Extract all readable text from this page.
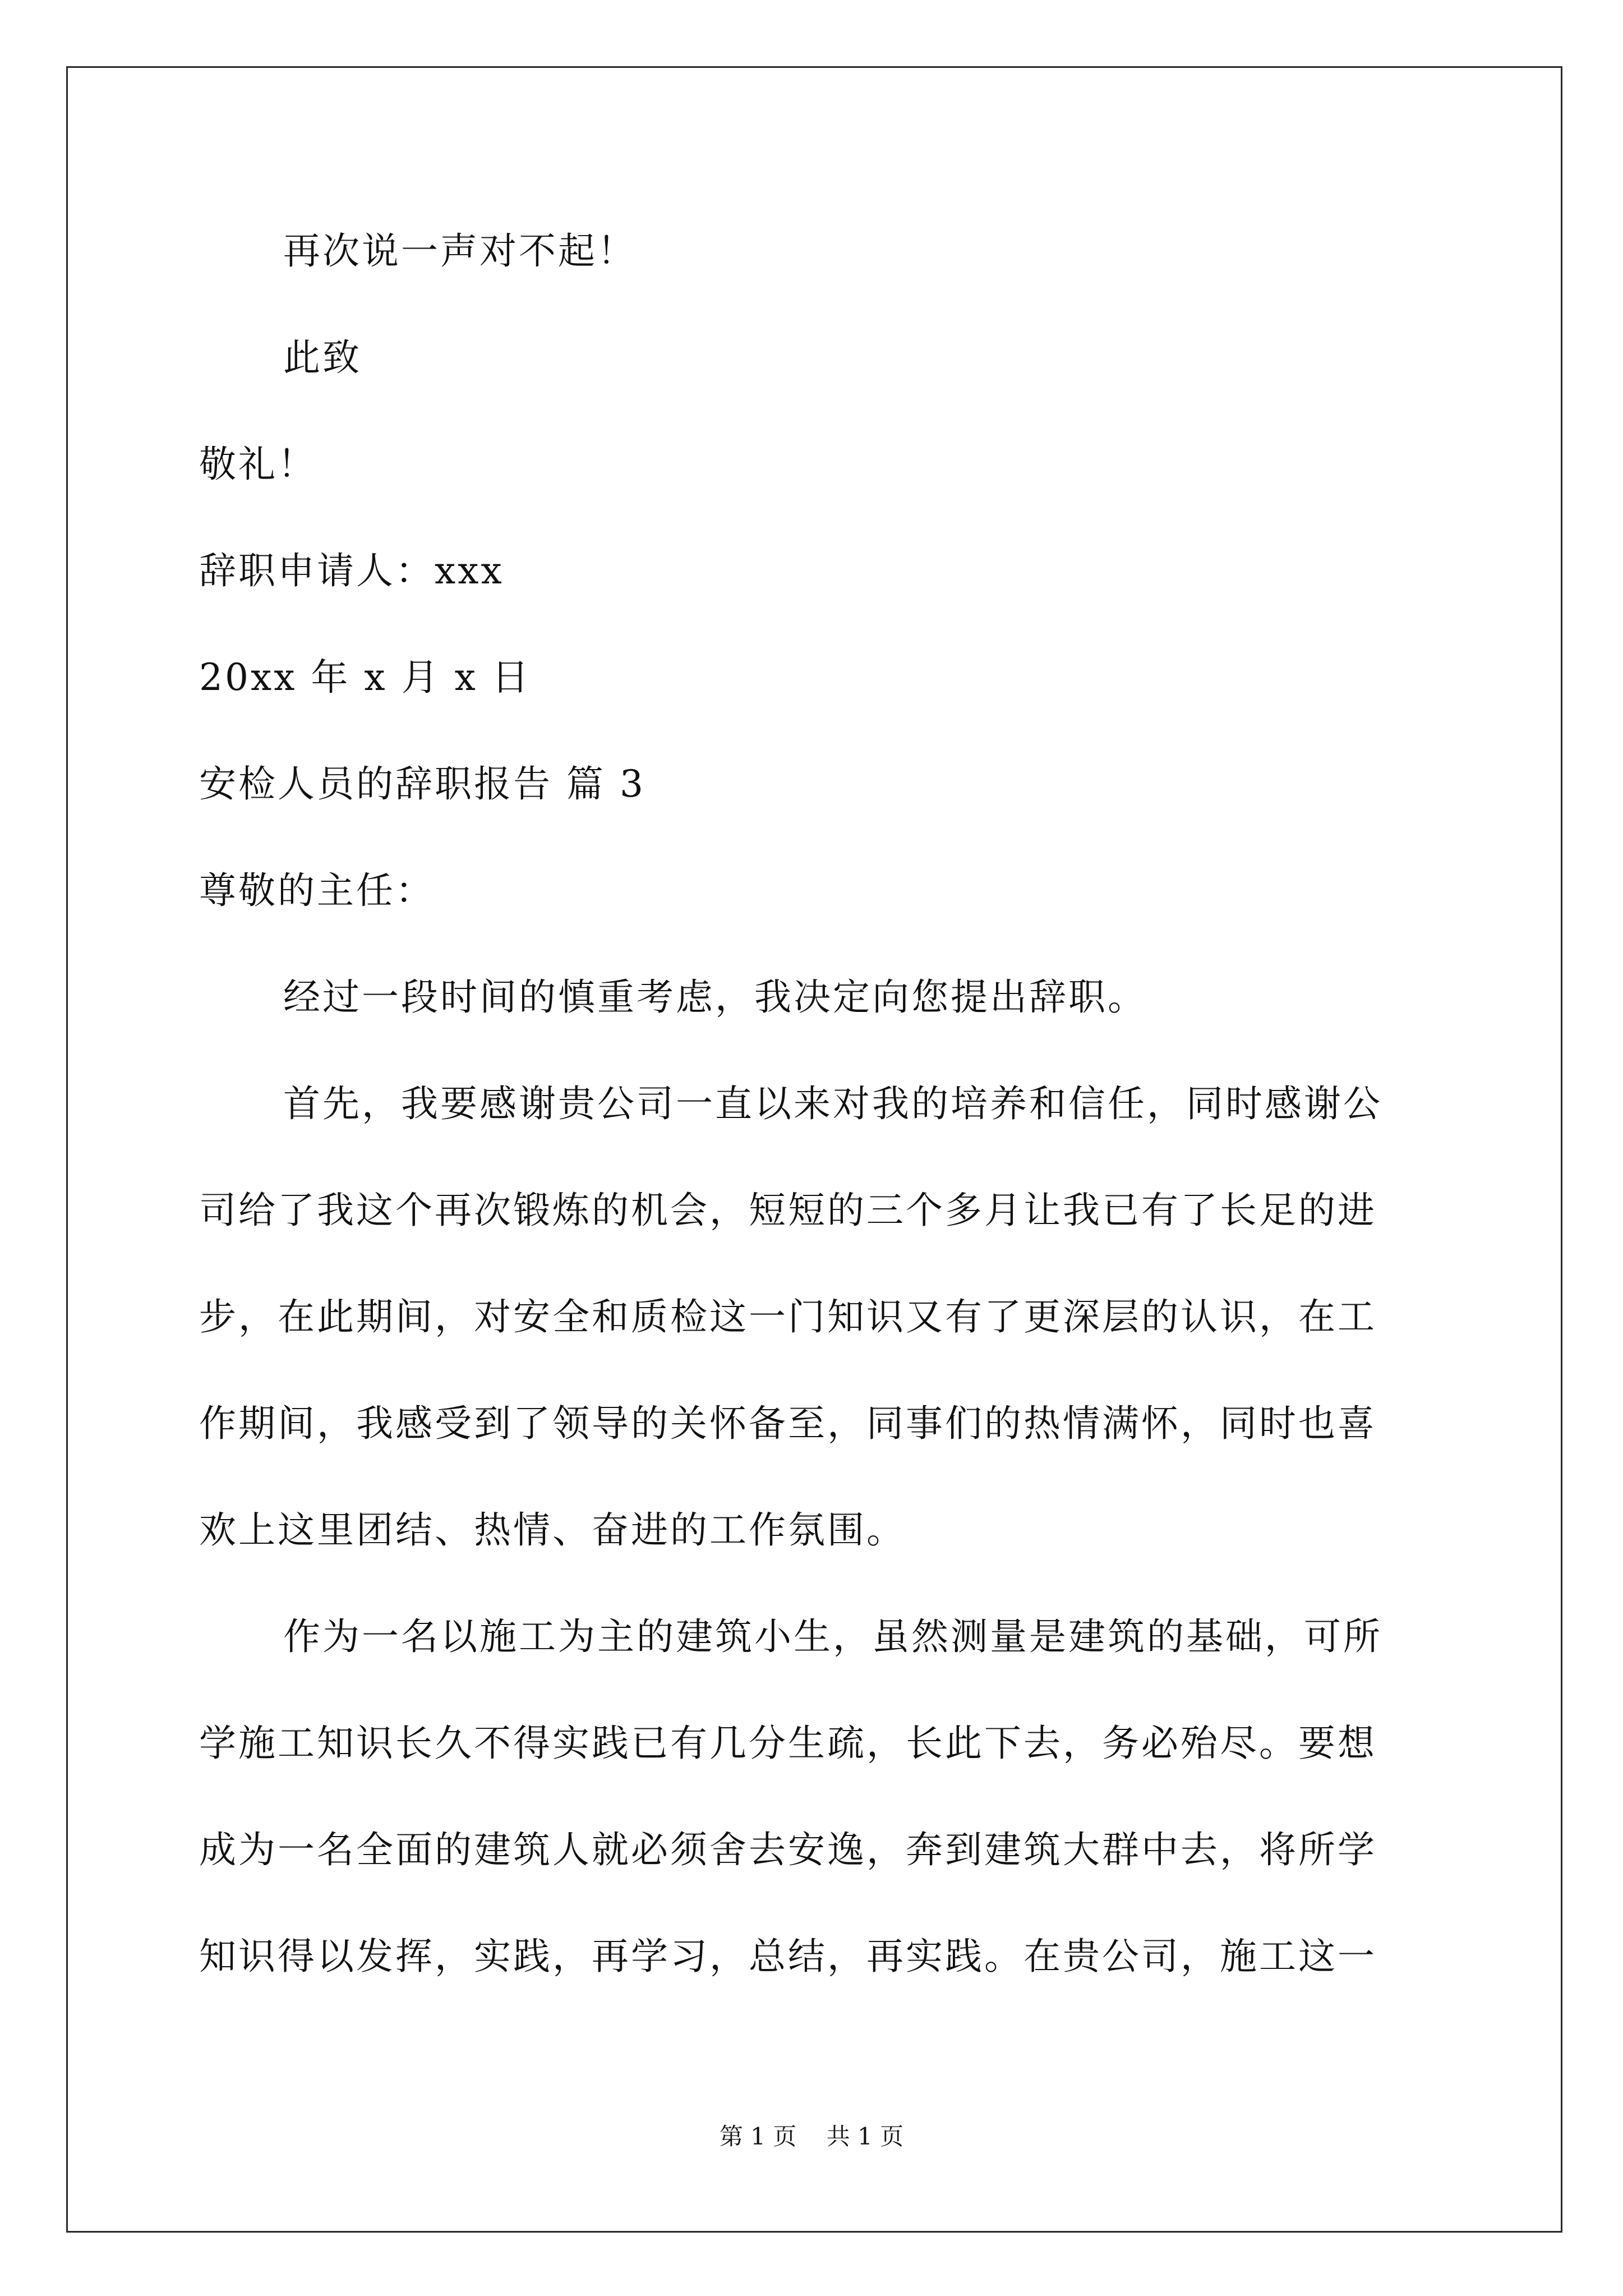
再次说一声对不起！
此致
敬礼！
辞职申请人：xxx
20xx 年 x 月 x 日
安检人员的辞职报告 篇 3
尊敬的主任：
经过一段时间的慎重考虑，我决定向您提出辞职。
首先，我要感谢贵公司一直以来对我的培养和信任，同时感谢公
司给了我这个再次锻炼的机会，短短的三个多月让我已有了长足的进
步，在此期间，对安全和质检这一门知识又有了更深层的认识，在工
作期间，我感受到了领导的关怀备至，同事们的热情满怀，同时也喜
欢上这里团结、热情、奋进的工作氛围。
作为一名以施工为主的建筑小生，虽然测量是建筑的基础，可所
学施工知识长久不得实践已有几分生疏，长此下去，务必殆尽。要想
成为一名全面的建筑人就必须舍去安逸，奔到建筑大群中去，将所学
知识得以发挥，实践，再学习，总结，再实践。在贵公司，施工这一
第 1 页    共 1 页
